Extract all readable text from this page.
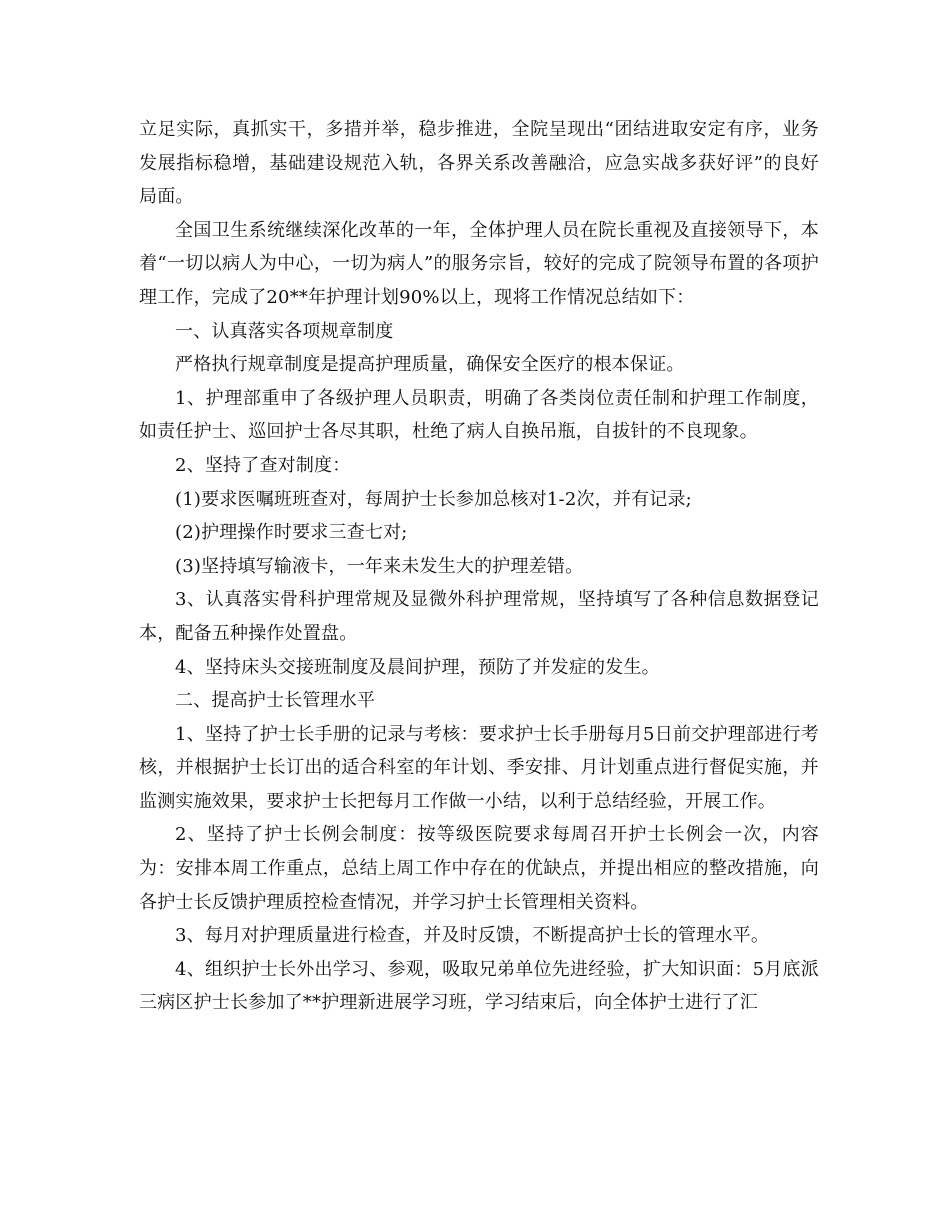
立足实际，真抓实干，多措并举，稳步推进，全院呈现出“团结进取安定有序，业务发展指标稳增，基础建设规范入轨，各界关系改善融洽，应急实战多获好评”的良好局面。

全国卫生系统继续深化改革的一年，全体护理人员在院长重视及直接领导下，本着“一切以病人为中心，一切为病人”的服务宗旨，较好的完成了院领导布置的各项护理工作，完成了20**年护理计划90%以上，现将工作情况总结如下：

一、认真落实各项规章制度

严格执行规章制度是提高护理质量，确保安全医疗的根本保证。

1、护理部重申了各级护理人员职责，明确了各类岗位责任制和护理工作制度，如责任护士、巡回护士各尽其职，杜绝了病人自换吊瓶，自拔针的不良现象。

2、坚持了查对制度：

(1)要求医嘱班班查对，每周护士长参加总核对1-2次，并有记录;

(2)护理操作时要求三查七对;

(3)坚持填写输液卡，一年来未发生大的护理差错。

3、认真落实骨科护理常规及显微外科护理常规，坚持填写了各种信息数据登记本，配备五种操作处置盘。

4、坚持床头交接班制度及晨间护理，预防了并发症的发生。

二、提高护士长管理水平

1、坚持了护士长手册的记录与考核：要求护士长手册每月5日前交护理部进行考核，并根据护士长订出的适合科室的年计划、季安排、月计划重点进行督促实施，并监测实施效果，要求护士长把每月工作做一小结，以利于总结经验，开展工作。

2、坚持了护士长例会制度：按等级医院要求每周召开护士长例会一次，内容为：安排本周工作重点，总结上周工作中存在的优缺点，并提出相应的整改措施，向各护士长反馈护理质控检查情况，并学习护士长管理相关资料。

3、每月对护理质量进行检查，并及时反馈，不断提高护士长的管理水平。

4、组织护士长外出学习、参观，吸取兄弟单位先进经验，扩大知识面：5月底派三病区护士长参加了**护理新进展学习班，学习结束后，向全体护士进行了汇
